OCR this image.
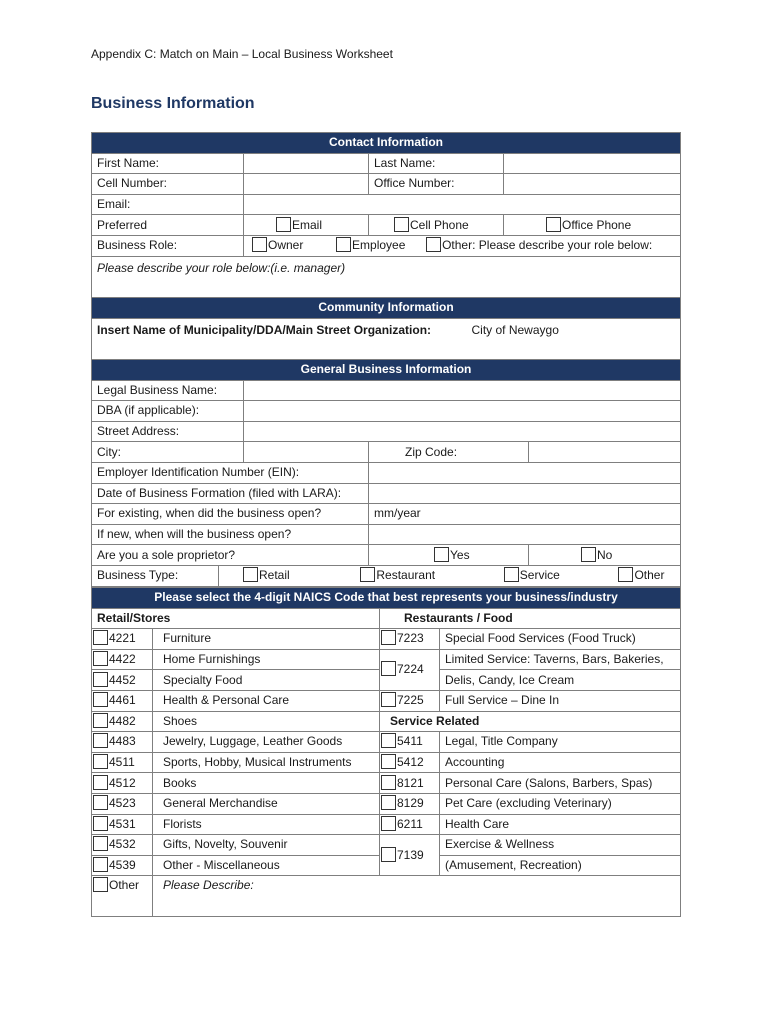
Appendix C: Match on Main – Local Business Worksheet
Business Information
Contact Information			
First Name:		Last Name:	
Cell Number:		Office Number:	
Email:			
Preferred	Email	Cell Phone	Office Phone
Business Role:	Owner Employee Other: Please describe your role below:		
Please describe your role below:(i.e. manager)			
Community Information
Insert Name of Municipality/DDA/Main Street Organization:	City of Newaygo
General Business Information				
Legal Business Name:				
DBA (if applicable):				
Street Address:				
City:			Zip Code:	
Employer Identification Number (EIN):				
Date of Business Formation (filed with LARA):				
For existing, when did the business open?			mm/year	
If new, when will the business open?				
Are you a sole proprietor?			Yes	No
Business Type:	Retail Restaurant Service Other			
Please select the 4-digit NAICS Code that best represents your business/industry			
Retail/Stores		Restaurants / Food	
4221	Furniture	7223	Special Food Services (Food Truck)
4422	Home Furnishings	7224	Limited Service: Taverns, Bars, Bakeries,
4452	Specialty Food		Delis, Candy, Ice Cream
4461	Health & Personal Care	7225	Full Service – Dine In
4482	Shoes	Service Related	
4483	Jewelry, Luggage, Leather Goods	5411	Legal, Title Company
4511	Sports, Hobby, Musical Instruments	5412	Accounting
4512	Books	8121	Personal Care (Salons, Barbers, Spas)
4523	General Merchandise	8129	Pet Care (excluding Veterinary)
4531	Florists	6211	Health Care
4532	Gifts, Novelty, Souvenir	7139	Exercise & Wellness
4539	Other - Miscellaneous		(Amusement, Recreation)
Other	Please Describe:		
